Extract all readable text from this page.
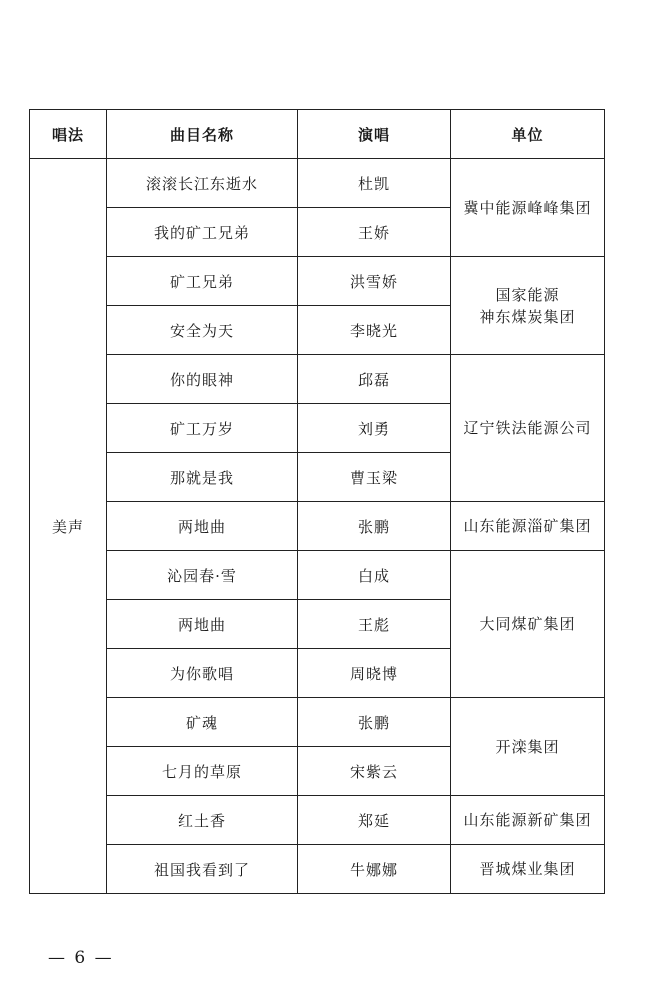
唱法	曲目名称	演唱	单位
美声	滚滚长江东逝水	杜凯	冀中能源峰峰集团

	我的矿工兄弟	王娇	
	矿工兄弟	洪雪娇	国家能源
神东煤炭集团

	安全为天	李晓光	
	你的眼神	邱磊	辽宁铁法能源公司

	矿工万岁	刘勇	
	那就是我	曹玉梁	
	两地曲	张鹏	山东能源淄矿集团

	沁园春·雪	白成	大同煤矿集团

	两地曲	王彪	
	为你歌唱	周晓博	
	矿魂	张鹏	开滦集团

	七月的草原	宋紫云	
	红土香	郑延	山东能源新矿集团

	祖国我看到了	牛娜娜	晋城煤业集团
— 6 —
